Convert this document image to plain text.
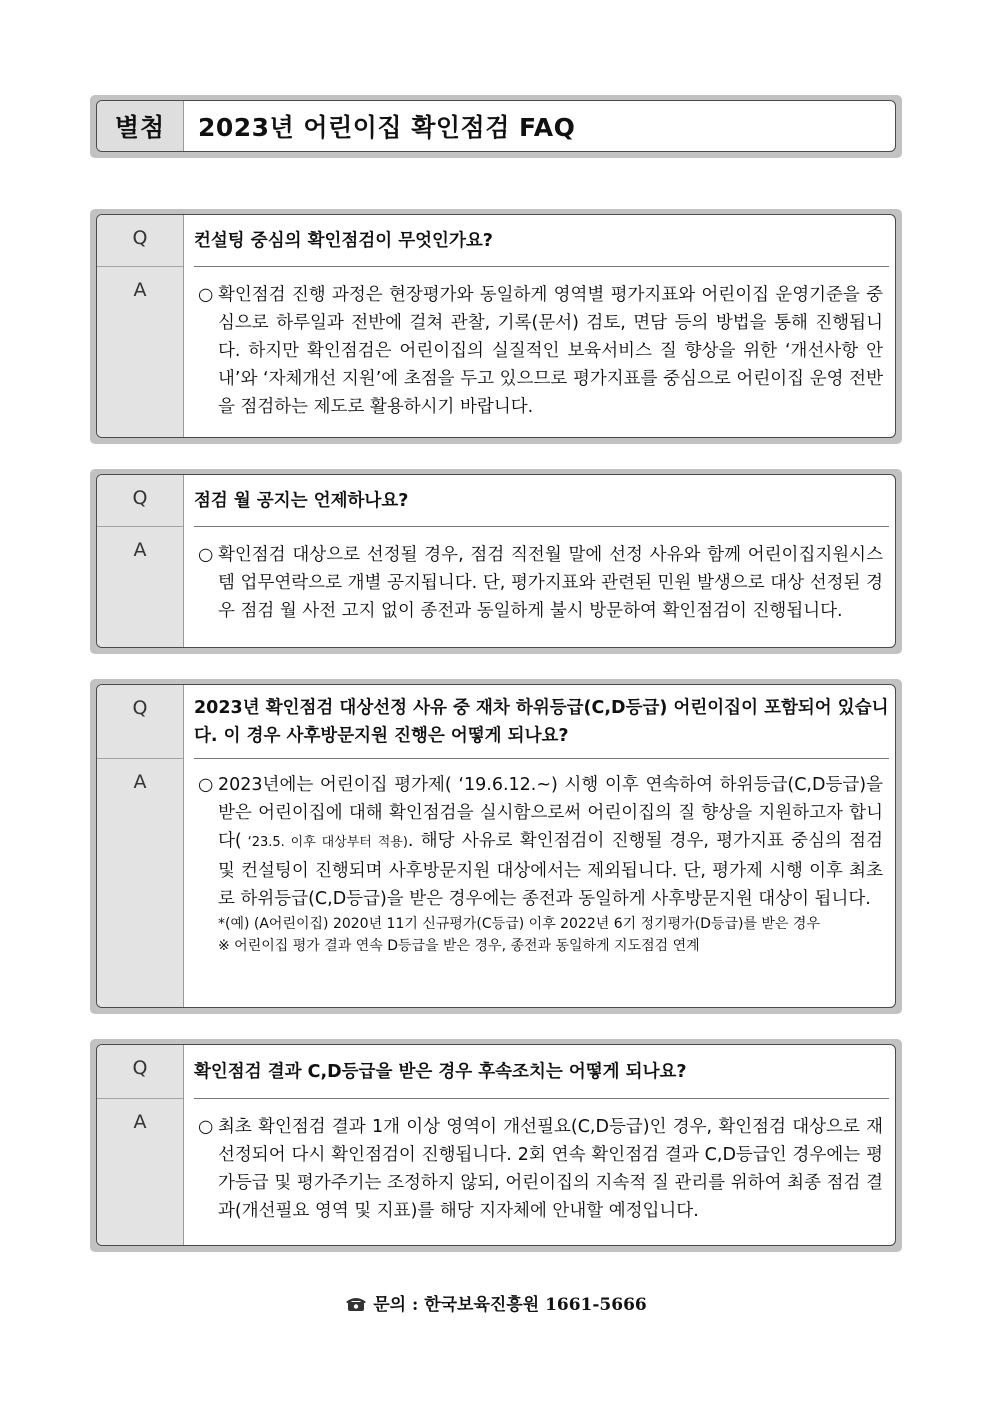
별첨	2023년 어린이집 확인점검 FAQ
Q
A
컨설팅 중심의 확인점검이 무엇인가요?
○ 확인점검 진행 과정은 현장평가와 동일하게 영역별 평가지표와 어린이집 운영기준을 중심으로 하루일과 전반에 걸쳐 관찰, 기록(문서) 검토, 면담 등의 방법을 통해 진행됩니다. 하지만 확인점검은 어린이집의 실질적인 보육서비스 질 향상을 위한 ‘개선사항 안내’와 ‘자체개선 지원’에 초점을 두고 있으므로 평가지표를 중심으로 어린이집 운영 전반을 점검하는 제도로 활용하시기 바랍니다.
Q
A
점검 월 공지는 언제하나요?
○ 확인점검 대상으로 선정될 경우, 점검 직전월 말에 선정 사유와 함께 어린이집지원시스템 업무연락으로 개별 공지됩니다. 단, 평가지표와 관련된 민원 발생으로 대상 선정된 경우 점검 월 사전 고지 없이 종전과 동일하게 불시 방문하여 확인점검이 진행됩니다.
Q
A
2023년 확인점검 대상선정 사유 중 재차 하위등급(C,D등급) 어린이집이 포함되어 있습니다. 이 경우 사후방문지원 진행은 어떻게 되나요?
○ 2023년에는 어린이집 평가제( ‘19.6.12.~) 시행 이후 연속하여 하위등급(C,D등급)을 받은 어린이집에 대해 확인점검을 실시함으로써 어린이집의 질 향상을 지원하고자 합니다( ‘23.5. 이후 대상부터 적용). 해당 사유로 확인점검이 진행될 경우, 평가지표 중심의 점검 및 컨설팅이 진행되며 사후방문지원 대상에서는 제외됩니다. 단, 평가제 시행 이후 최초로 하위등급(C,D등급)을 받은 경우에는 종전과 동일하게 사후방문지원 대상이 됩니다.
*(예) (A어린이집) 2020년 11기 신규평가(C등급) 이후 2022년 6기 정기평가(D등급)를 받은 경우
※ 어린이집 평가 결과 연속 D등급을 받은 경우, 종전과 동일하게 지도점검 연계
Q
A
확인점검 결과 C,D등급을 받은 경우 후속조치는 어떻게 되나요?
○ 최초 확인점검 결과 1개 이상 영역이 개선필요(C,D등급)인 경우, 확인점검 대상으로 재선정되어 다시 확인점검이 진행됩니다. 2회 연속 확인점검 결과 C,D등급인 경우에는 평가등급 및 평가주기는 조정하지 않되, 어린이집의 지속적 질 관리를 위하여 최종 점검 결과(개선필요 영역 및 지표)를 해당 지자체에 안내할 예정입니다.
문의 : 한국보육진흥원 1661-5666
